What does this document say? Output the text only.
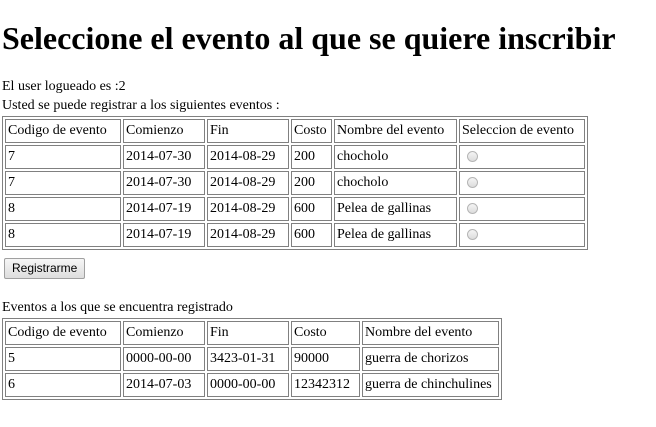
Seleccione el evento al que se quiere inscribir

El user logueado es :2

Usted se puede registrar a los siguientes eventos :

Codigo de evento	Comienzo	Fin	Costo	Nombre del evento	Seleccion de evento
7	2014-07-30	2014-08-29	200	chocholo	
7	2014-07-30	2014-08-29	200	chocholo	
8	2014-07-19	2014-08-29	600	Pelea de gallinas	
8	2014-07-19	2014-08-29	600	Pelea de gallinas	
Registrarme

Eventos a los que se encuentra registrado

Codigo de evento	Comienzo	Fin	Costo	Nombre del evento
5	0000-00-00	3423-01-31	90000	guerra de chorizos
6	2014-07-03	0000-00-00	12342312	guerra de chinchulines
